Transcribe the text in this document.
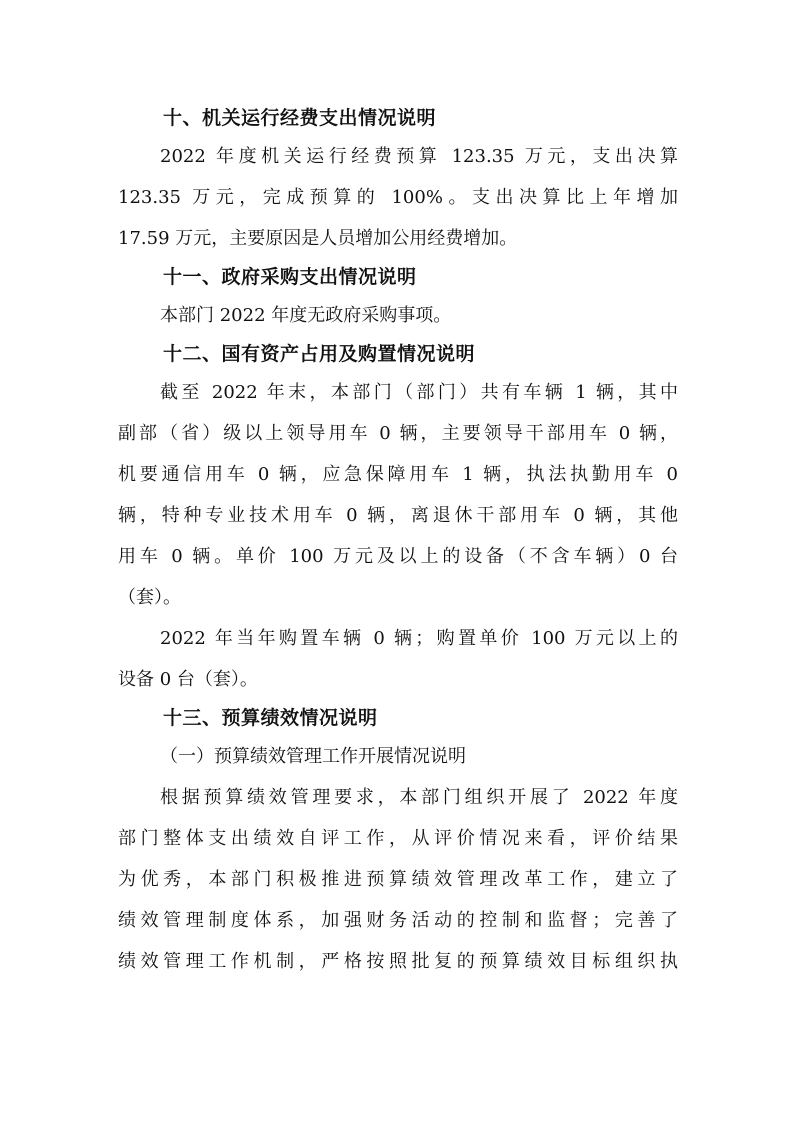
十、机关运行经费支出情况说明
2022 年度机关运行经费预算 123.35 万元，支出决算
123.35 万元，完成预算的 100%。支出决算比上年增加
17.59 万元，主要原因是人员增加公用经费增加。
十一、政府采购支出情况说明
本部门 2022 年度无政府采购事项。
十二、国有资产占用及购置情况说明
截至 2022 年末，本部门（部门）共有车辆 1 辆，其中
副部（省）级以上领导用车 0 辆，主要领导干部用车 0 辆，
机要通信用车 0 辆，应急保障用车 1 辆，执法执勤用车 0
辆，特种专业技术用车 0 辆，离退休干部用车 0 辆，其他
用车 0 辆。单价 100 万元及以上的设备（不含车辆）0 台
（套）。
2022 年当年购置车辆 0 辆；购置单价 100 万元以上的
设备 0 台（套）。
十三、预算绩效情况说明
（一）预算绩效管理工作开展情况说明
根据预算绩效管理要求，本部门组织开展了 2022 年度
部门整体支出绩效自评工作，从评价情况来看，评价结果
为优秀，本部门积极推进预算绩效管理改革工作，建立了
绩效管理制度体系，加强财务活动的控制和监督；完善了
绩效管理工作机制，严格按照批复的预算绩效目标组织执
